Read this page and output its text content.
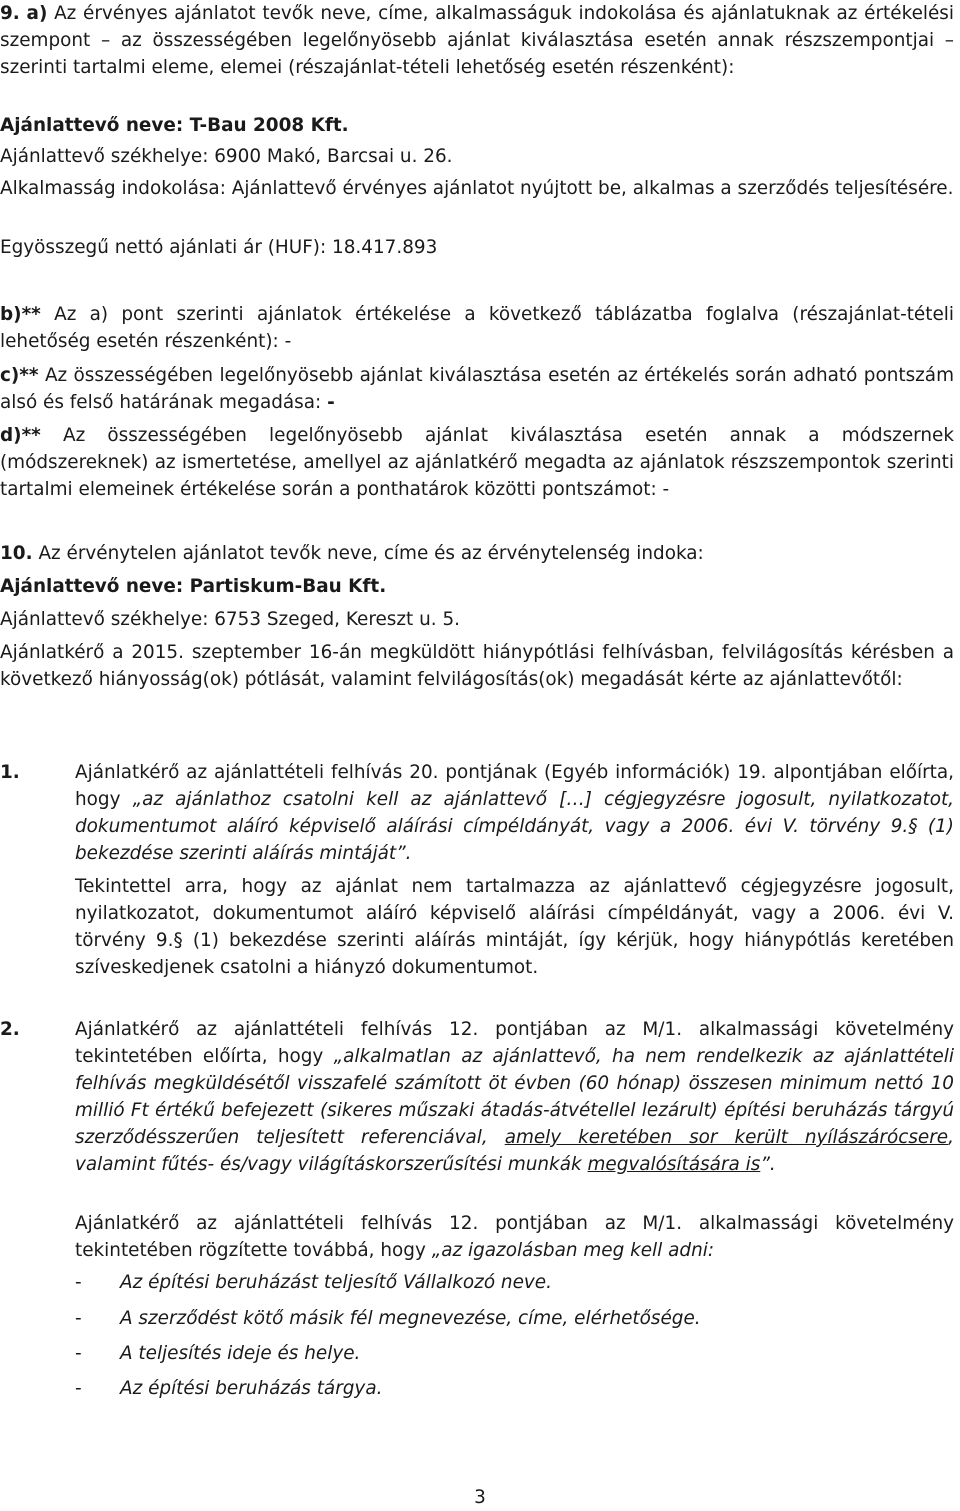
9. a) Az érvényes ajánlatot tevők neve, címe, alkalmasságuk indokolása és ajánlatuknak az értékelési szempont – az összességében legelőnyösebb ajánlat kiválasztása esetén annak részszempontjai – szerinti tartalmi eleme, elemei (részajánlat-tételi lehetőség esetén részenként):

Ajánlattevő neve: T-Bau 2008 Kft.

Ajánlattevő székhelye: 6900 Makó, Barcsai u. 26.

Alkalmasság indokolása: Ajánlattevő érvényes ajánlatot nyújtott be, alkalmas a szerződés teljesítésére.

Egyösszegű nettó ajánlati ár (HUF): 18.417.893

b)** Az a) pont szerinti ajánlatok értékelése a következő táblázatba foglalva (részajánlat-tételi lehetőség esetén részenként): -

c)** Az összességében legelőnyösebb ajánlat kiválasztása esetén az értékelés során adható pontszám alsó és felső határának megadása: -

d)** Az összességében legelőnyösebb ajánlat kiválasztása esetén annak a módszernek (módszereknek) az ismertetése, amellyel az ajánlatkérő megadta az ajánlatok részszempontok szerinti tartalmi elemeinek értékelése során a ponthatárok közötti pontszámot: -

10. Az érvénytelen ajánlatot tevők neve, címe és az érvénytelenség indoka:

Ajánlattevő neve: Partiskum-Bau Kft.

Ajánlattevő székhelye: 6753 Szeged, Kereszt u. 5.

Ajánlatkérő a 2015. szeptember 16-án megküldött hiánypótlási felhívásban, felvilágosítás kérésben a következő hiányosság(ok) pótlását, valamint felvilágosítás(ok) megadását kérte az ajánlattevőtől:

1.	Ajánlatkérő az ajánlattételi felhívás 20. pontjának (Egyéb információk) 19. alpontjában előírta, hogy „az ajánlathoz csatolni kell az ajánlattevő […] cégjegyzésre jogosult, nyilatkozatot, dokumentumot aláíró képviselő aláírási címpéldányát, vagy a 2006. évi V. törvény 9.§ (1) bekezdése szerinti aláírás mintáját”.

Tekintettel arra, hogy az ajánlat nem tartalmazza az ajánlattevő cégjegyzésre jogosult, nyilatkozatot, dokumentumot aláíró képviselő aláírási címpéldányát, vagy a 2006. évi V. törvény 9.§ (1) bekezdése szerinti aláírás mintáját, így kérjük, hogy hiánypótlás keretében szíveskedjenek csatolni a hiányzó dokumentumot.

2.	Ajánlatkérő az ajánlattételi felhívás 12. pontjában az M/1. alkalmassági követelmény tekintetében előírta, hogy „alkalmatlan az ajánlattevő, ha nem rendelkezik az ajánlattételi felhívás megküldésétől visszafelé számított öt évben (60 hónap) összesen minimum nettó 10 millió Ft értékű befejezett (sikeres műszaki átadás-átvétellel lezárult) építési beruházás tárgyú szerződésszerűen teljesített referenciával, amely keretében sor került nyílászárócsere, valamint fűtés- és/vagy világításkorszerűsítési munkák megvalósítására is”.

Ajánlatkérő az ajánlattételi felhívás 12. pontjában az M/1. alkalmassági követelmény tekintetében rögzítette továbbá, hogy „az igazolásban meg kell adni:

- Az építési beruházást teljesítő Vállalkozó neve.
- A szerződést kötő másik fél megnevezése, címe, elérhetősége.
- A teljesítés ideje és helye.
- Az építési beruházás tárgya.
3
